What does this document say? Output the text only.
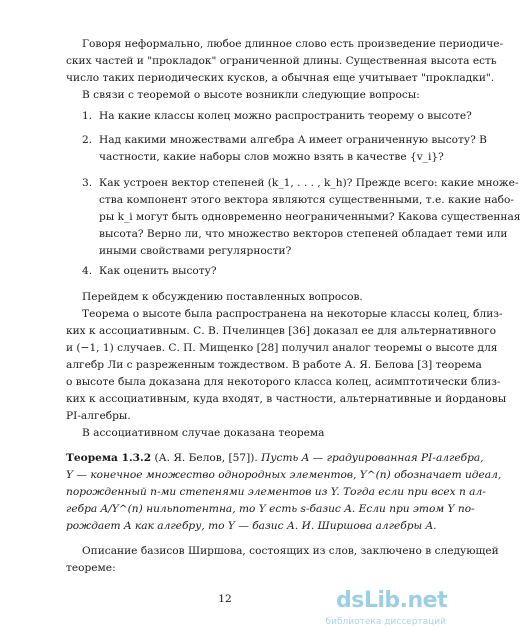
Говоря неформально, любое длинное слово есть произведение периодиче-
ских частей и "прокладок" ограниченной длины. Существенная высота есть
число таких периодических кусков, а обычная еще учитывает "прокладки".
В связи с теоремой о высоте возникли следующие вопросы:
1. На какие классы колец можно распространить теорему о высоте?
2. Над какими множествами алгебра A имеет ограниченную высоту? В
частности, какие наборы слов можно взять в качестве {v_i}?
3. Как устроен вектор степеней (k_1, . . . , k_h)? Прежде всего: какие множе-
ства компонент этого вектора являются существенными, т.е. какие набо-
ры k_i могут быть одновременно неограниченными? Какова существенная
высота? Верно ли, что множество векторов степеней обладает теми или
иными свойствами регулярности?
4. Как оценить высоту?
Перейдем к обсуждению поставленных вопросов.
Теорема о высоте была распространена на некоторые классы колец, близ-
ких к ассоциативным. С. В. Пчелинцев [36] доказал ее для альтернативного
и (−1, 1) случаев. С. П. Мищенко [28] получил аналог теоремы о высоте для
алгебр Ли с разреженным тождеством. В работе А. Я. Белова [3] теорема
о высоте была доказана для некоторого класса колец, асимптотически близ-
ких к ассоциативным, куда входят, в частности, альтернативные и йордановы
PI-алгебры.
В ассоциативном случае доказана теорема
Теорема 1.3.2 (А. Я. Белов, [57]). Пусть A — градуированная PI-алгебра,
Y — конечное множество однородных элементов, Y^(n) обозначает идеал,
порожденный n-ми степенями элементов из Y. Тогда если при всех n ал-
гебра A/Y^(n) нильпотентна, то Y есть s-базис A. Если при этом Y по-
рождает A как алгебру, то Y — базис А. И. Ширшова алгебры A.
Описание базисов Ширшова, состоящих из слов, заключено в следующей
теореме:
12	dsLib.net
библиотека диссертаций
